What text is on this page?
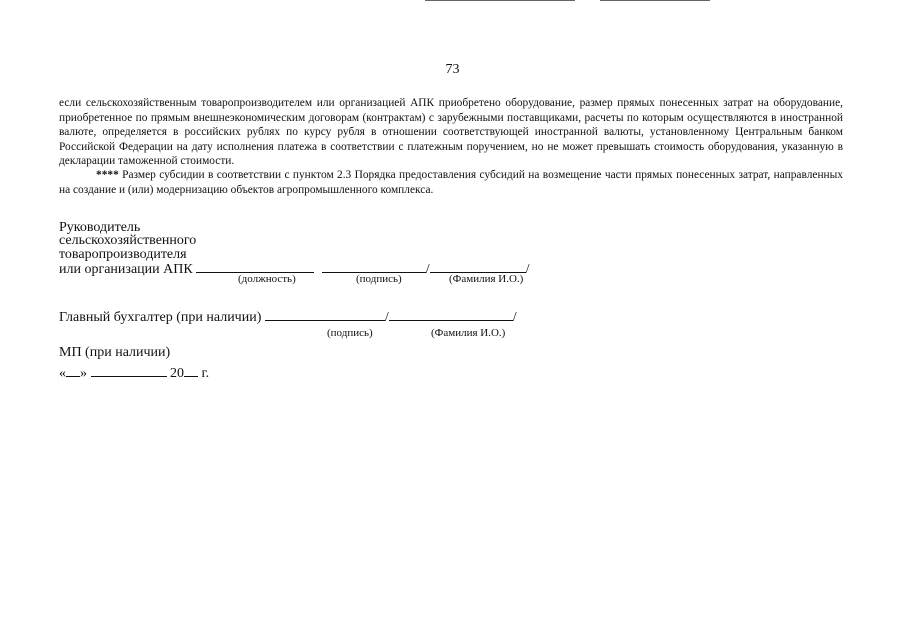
73
если сельскохозяйственным товаропроизводителем или организацией АПК приобретено оборудование, размер прямых понесенных затрат на оборудование, приобретенное по прямым внешнеэкономическим договорам (контрактам) с зарубежными поставщиками, расчеты по которым осуществляются в иностранной валюте, определяется в российских рублях по курсу рубля в отношении соответствующей иностранной валюты, установленному Центральным банком Российской Федерации на дату исполнения платежа в соответствии с платежным поручением, но не может превышать стоимость оборудования, указанную в декларации таможенной стоимости.
**** Размер субсидии в соответствии с пунктом 2.3 Порядка предоставления субсидий на возмещение части прямых понесенных затрат, направленных на создание и (или) модернизацию объектов агропромышленного комплекса.
Руководитель
сельскохозяйственного
товаропроизводителя
или организации АПК	/	/
(должность)	(подпись)	(Фамилия И.О.)
Главный бухгалтер (при наличии)	/	/
(подпись)	(Фамилия И.О.)
МП (при наличии)
« »	20 г.
